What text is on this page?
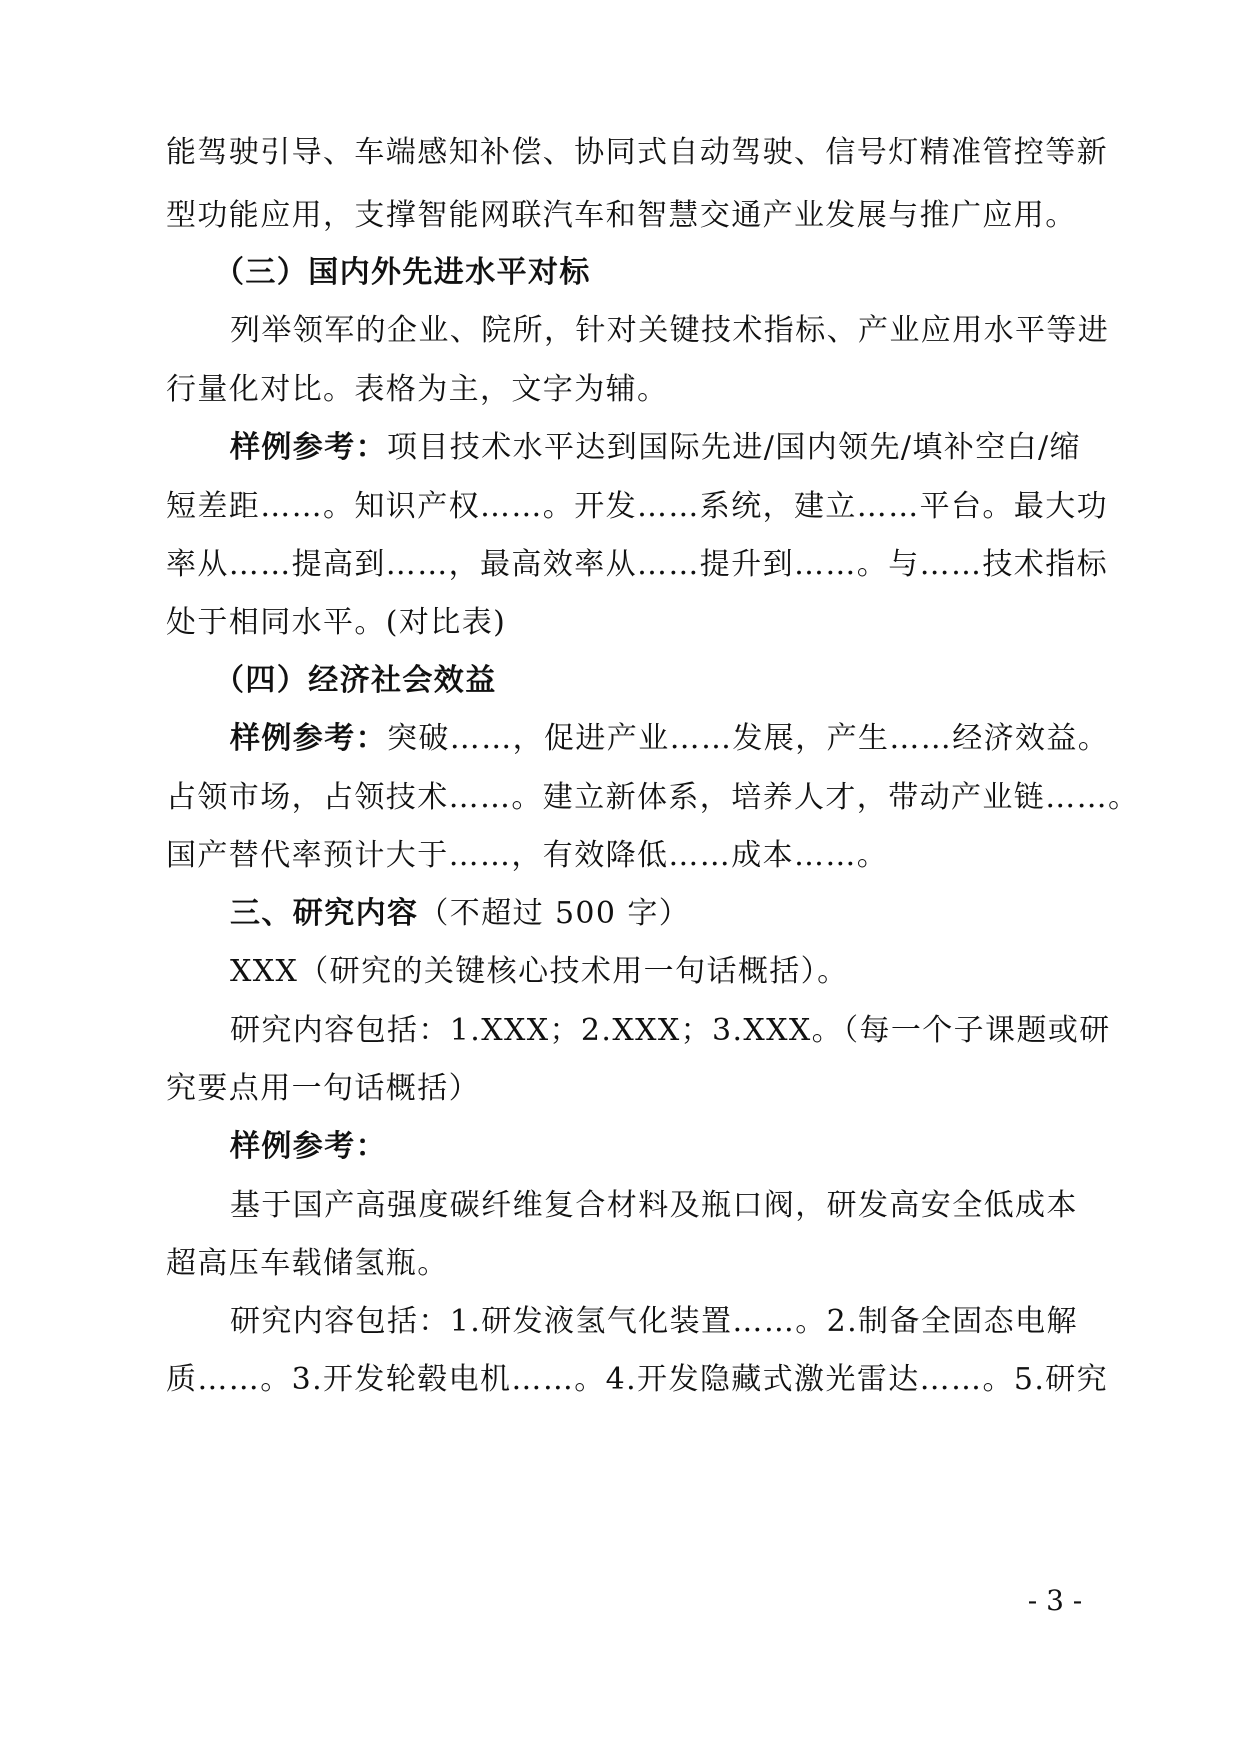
能驾驶引导、车端感知补偿、协同式自动驾驶、信号灯精准管控等新
型功能应用，支撑智能网联汽车和智慧交通产业发展与推广应用。
（三）国内外先进水平对标
列举领军的企业、院所，针对关键技术指标、产业应用水平等进
行量化对比。表格为主，文字为辅。
样例参考：项目技术水平达到国际先进/国内领先/填补空白/缩
短差距……。知识产权……。开发……系统，建立……平台。最大功
率从……提高到……，最高效率从……提升到……。与……技术指标
处于相同水平。(对比表)
（四）经济社会效益
样例参考：突破……，促进产业……发展，产生……经济效益。
占领市场，占领技术……。建立新体系，培养人才，带动产业链……。
国产替代率预计大于……，有效降低……成本……。
三、研究内容（不超过 500 字）
XXX（研究的关键核心技术用一句话概括）。
研究内容包括：1.XXX；2.XXX；3.XXX。（每一个子课题或研
究要点用一句话概括）
样例参考：
基于国产高强度碳纤维复合材料及瓶口阀，研发高安全低成本
超高压车载储氢瓶。
研究内容包括：1.研发液氢气化装置……。2.制备全固态电解
质……。3.开发轮毂电机……。4.开发隐藏式激光雷达……。5.研究
- 3 -
